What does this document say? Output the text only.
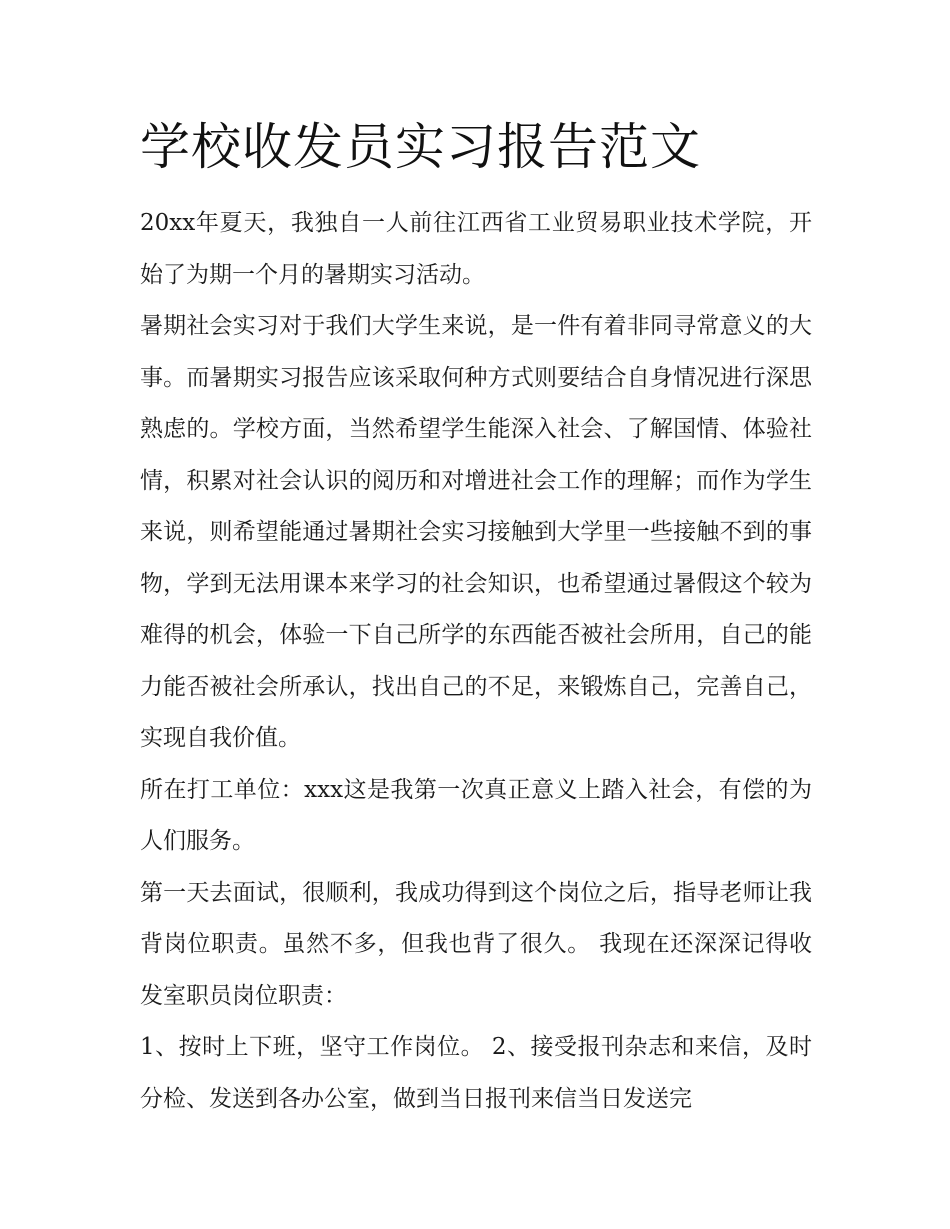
学校收发员实习报告范文

20xx年夏天，我独自一人前往江西省工业贸易职业技术学院，开始了为期一个月的暑期实习活动。

暑期社会实习对于我们大学生来说，是一件有着非同寻常意义的大事。而暑期实习报告应该采取何种方式则要结合自身情况进行深思熟虑的。学校方面，当然希望学生能深入社会、了解国情、体验社情，积累对社会认识的阅历和对增进社会工作的理解；而作为学生来说，则希望能通过暑期社会实习接触到大学里一些接触不到的事物，学到无法用课本来学习的社会知识，也希望通过暑假这个较为难得的机会，体验一下自己所学的东西能否被社会所用，自己的能力能否被社会所承认，找出自己的不足，来锻炼自己，完善自己，实现自我价值。

所在打工单位：xxx这是我第一次真正意义上踏入社会，有偿的为人们服务。

第一天去面试，很顺利，我成功得到这个岗位之后，指导老师让我背岗位职责。虽然不多，但我也背了很久。 我现在还深深记得收发室职员岗位职责：

1、按时上下班，坚守工作岗位。 2、接受报刊杂志和来信，及时分检、发送到各办公室，做到当日报刊来信当日发送完
